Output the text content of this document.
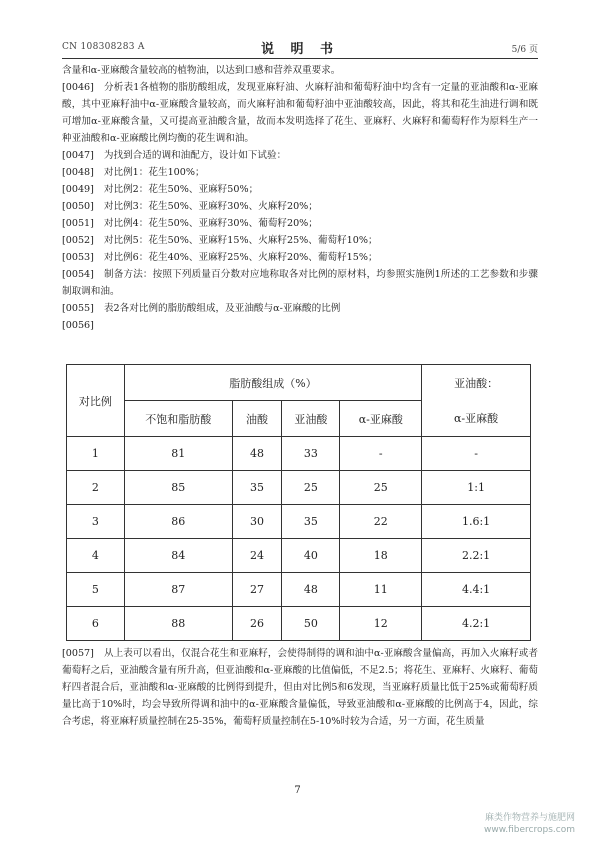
CN 108308283 A	说 明 书	5/6 页

含量和α-亚麻酸含量较高的植物油，以达到口感和营养双重要求。

[0046] 分析表1各植物的脂肪酸组成，发现亚麻籽油、火麻籽油和葡萄籽油中均含有一定量的亚油酸和α-亚麻酸，其中亚麻籽油中α-亚麻酸含量较高，而火麻籽油和葡萄籽油中亚油酸较高，因此，将其和花生油进行调和既可增加α-亚麻酸含量，又可提高亚油酸含量，故而本发明选择了花生、亚麻籽、火麻籽和葡萄籽作为原料生产一种亚油酸和α-亚麻酸比例均衡的花生调和油。

[0047] 为找到合适的调和油配方，设计如下试验：

[0048] 对比例1：花生100%；

[0049] 对比例2：花生50%、亚麻籽50%；

[0050] 对比例3：花生50%、亚麻籽30%、火麻籽20%；

[0051] 对比例4：花生50%、亚麻籽30%、葡萄籽20%；

[0052] 对比例5：花生50%、亚麻籽15%、火麻籽25%、葡萄籽10%；

[0053] 对比例6：花生40%、亚麻籽25%、火麻籽20%、葡萄籽15%；

[0054] 制备方法：按照下列质量百分数对应地称取各对比例的原材料，均参照实施例1所述的工艺参数和步骤制取调和油。

[0055] 表2各对比例的脂肪酸组成，及亚油酸与α-亚麻酸的比例

[0056]

对比例	脂肪酸组成（%）				亚油酸：
	不饱和脂肪酸	油酸	亚油酸	α-亚麻酸	α-亚麻酸
1	81	48	33	-	-
2	85	35	25	25	1:1
3	86	30	35	22	1.6:1
4	84	24	40	18	2.2:1
5	87	27	48	11	4.4:1
6	88	26	50	12	4.2:1

[0057] 从上表可以看出，仅混合花生和亚麻籽，会使得制得的调和油中α-亚麻酸含量偏高，再加入火麻籽或者葡萄籽之后，亚油酸含量有所升高，但亚油酸和α-亚麻酸的比值偏低，不足2.5；将花生、亚麻籽、火麻籽、葡萄籽四者混合后，亚油酸和α-亚麻酸的比例得到提升，但由对比例5和6发现，当亚麻籽质量比低于25%或葡萄籽质量比高于10%时，均会导致所得调和油中的α-亚麻酸含量偏低，导致亚油酸和α-亚麻酸的比例高于4，因此，综合考虑，将亚麻籽质量控制在25-35%，葡萄籽质量控制在5-10%时较为合适，另一方面，花生质量

7
麻类作物营养与施肥网
www.fibercrops.com
